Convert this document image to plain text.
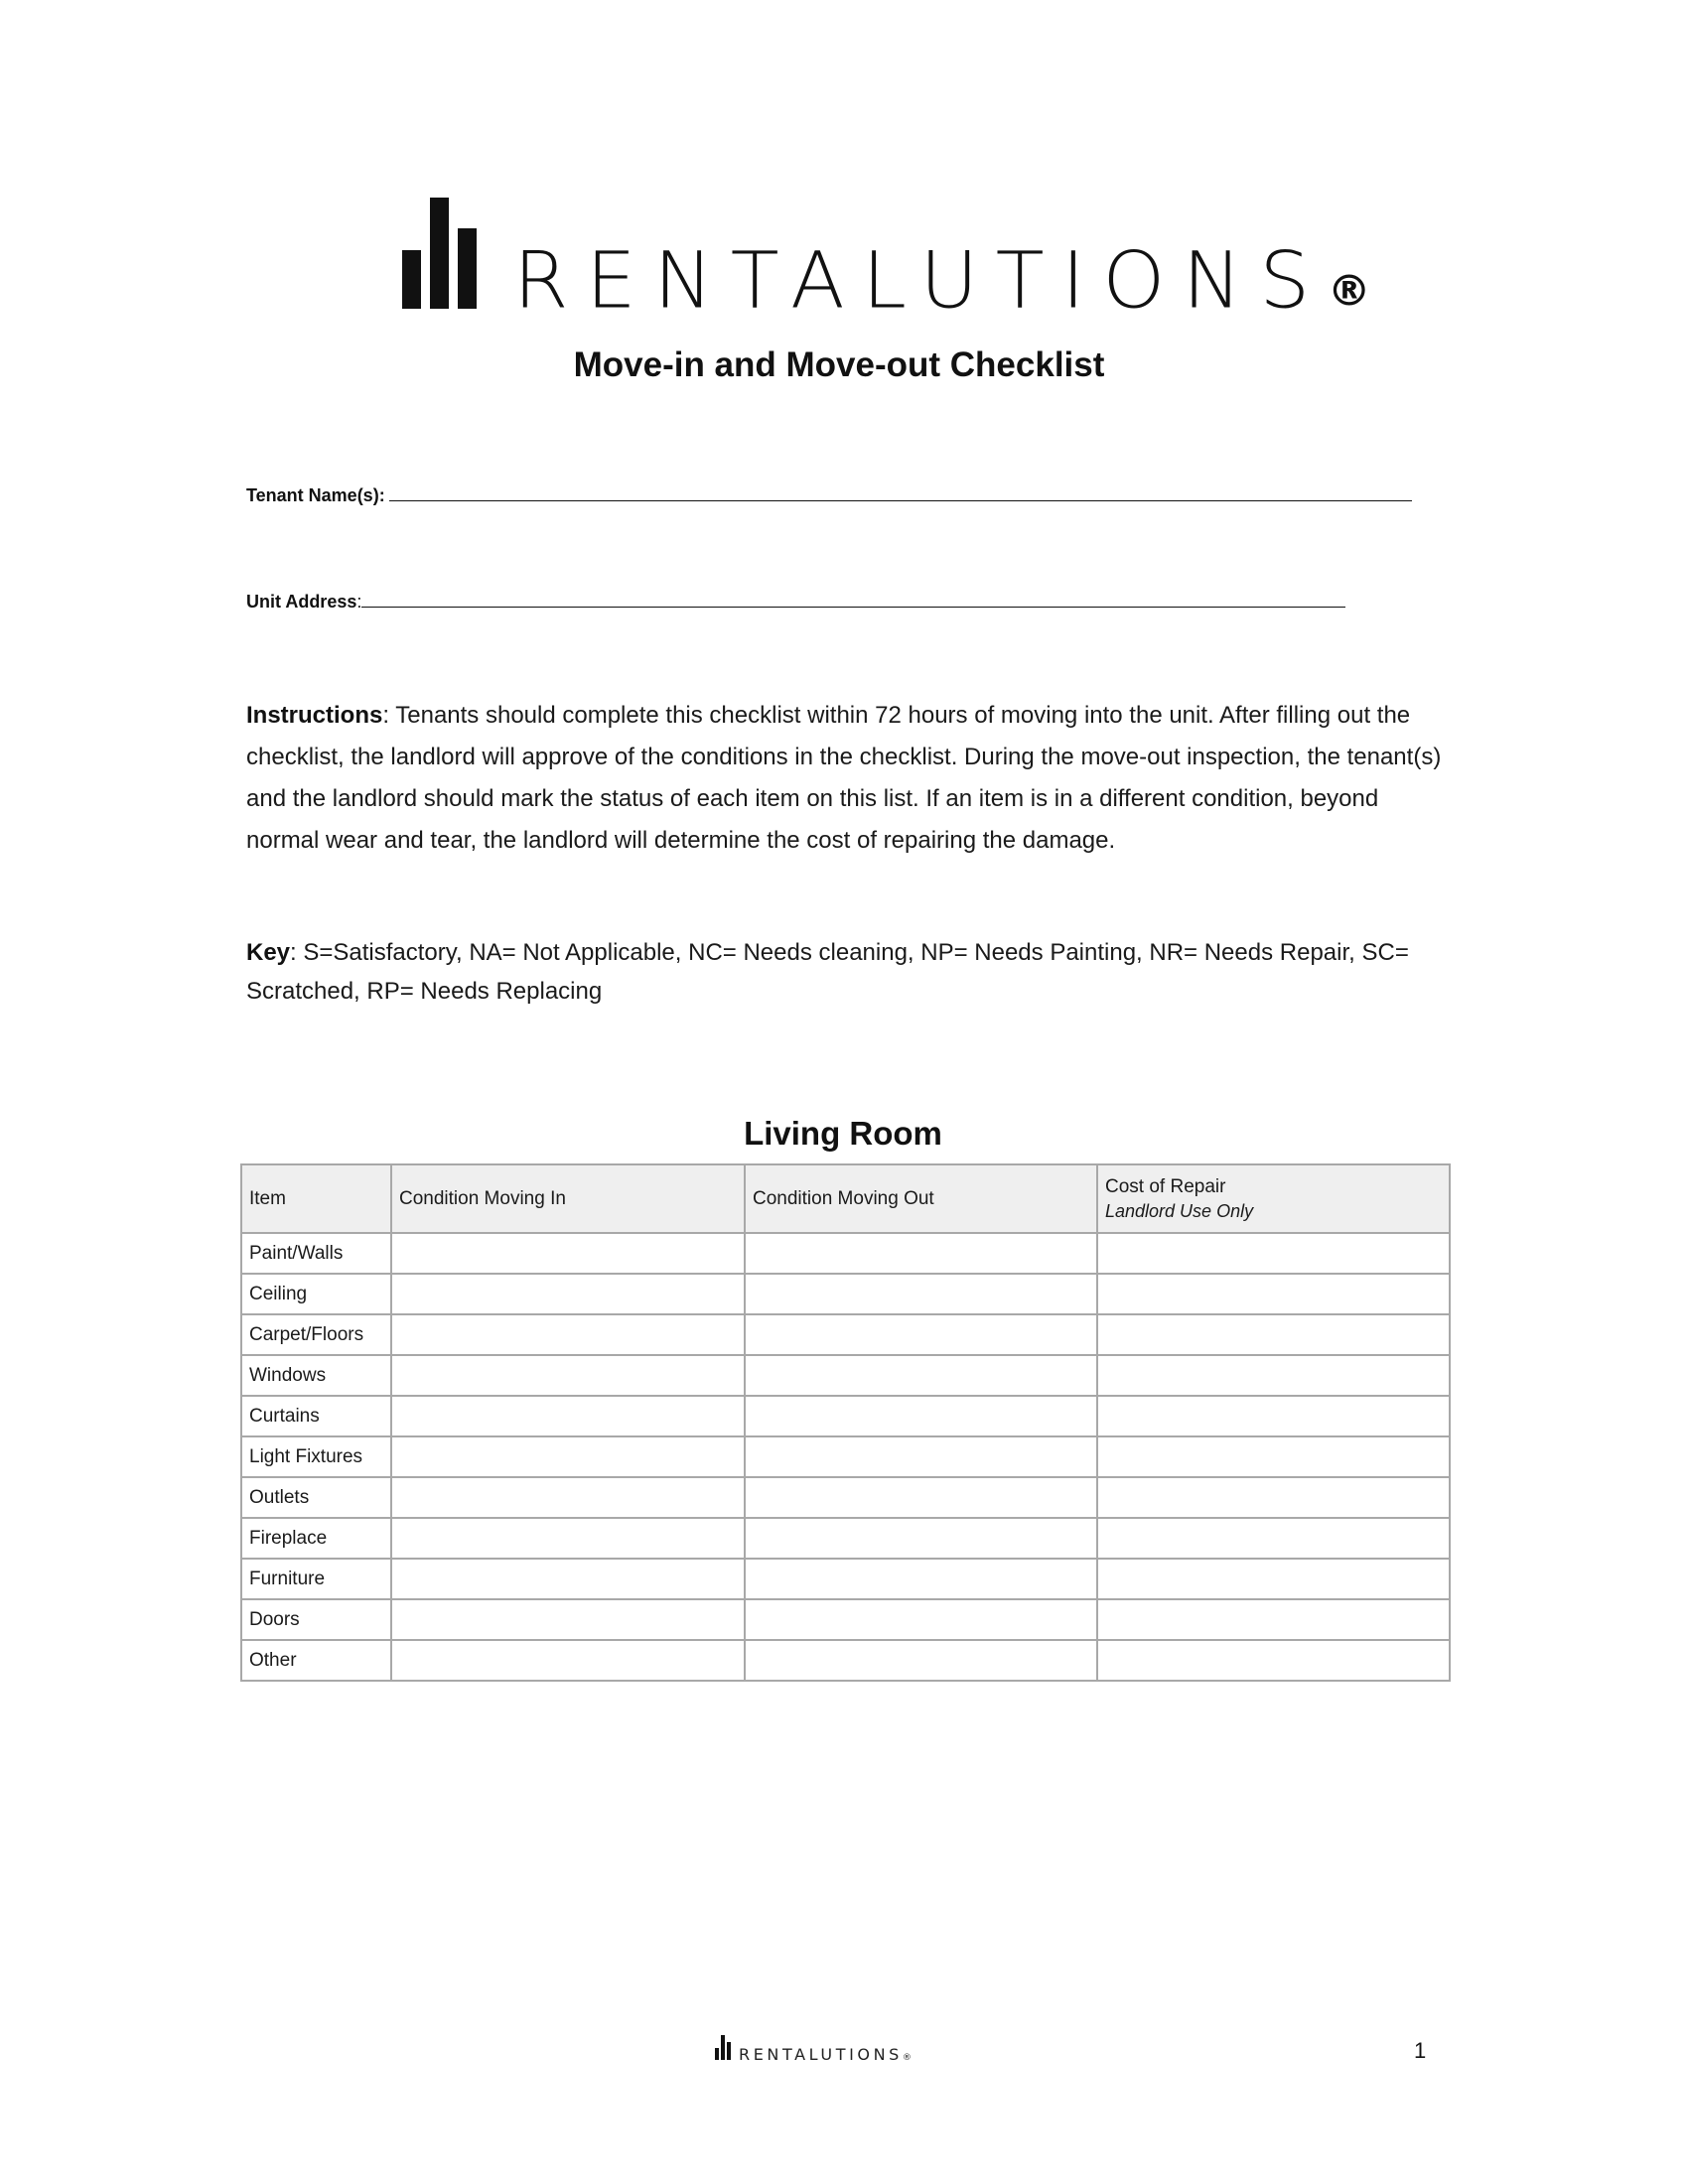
RENTALUTIONS®
Move-in and Move-out Checklist
Tenant Name(s):
Unit Address:
Instructions: Tenants should complete this checklist within 72 hours of moving into the unit. After filling out the checklist, the landlord will approve of the conditions in the checklist. During the move-out inspection, the tenant(s) and the landlord should mark the status of each item on this list. If an item is in a different condition, beyond normal wear and tear, the landlord will determine the cost of repairing the damage.
Key: S=Satisfactory, NA= Not Applicable, NC= Needs cleaning, NP= Needs Painting, NR= Needs Repair, SC= Scratched, RP= Needs Replacing
Living Room
Item	Condition Moving In	Condition Moving Out	Cost of Repair
Landlord Use Only

Paint/Walls			
Ceiling			
Carpet/Floors			
Windows			
Curtains			
Light Fixtures			
Outlets			
Fireplace			
Furniture			
Doors			
Other			
RENTALUTIONS®	1
